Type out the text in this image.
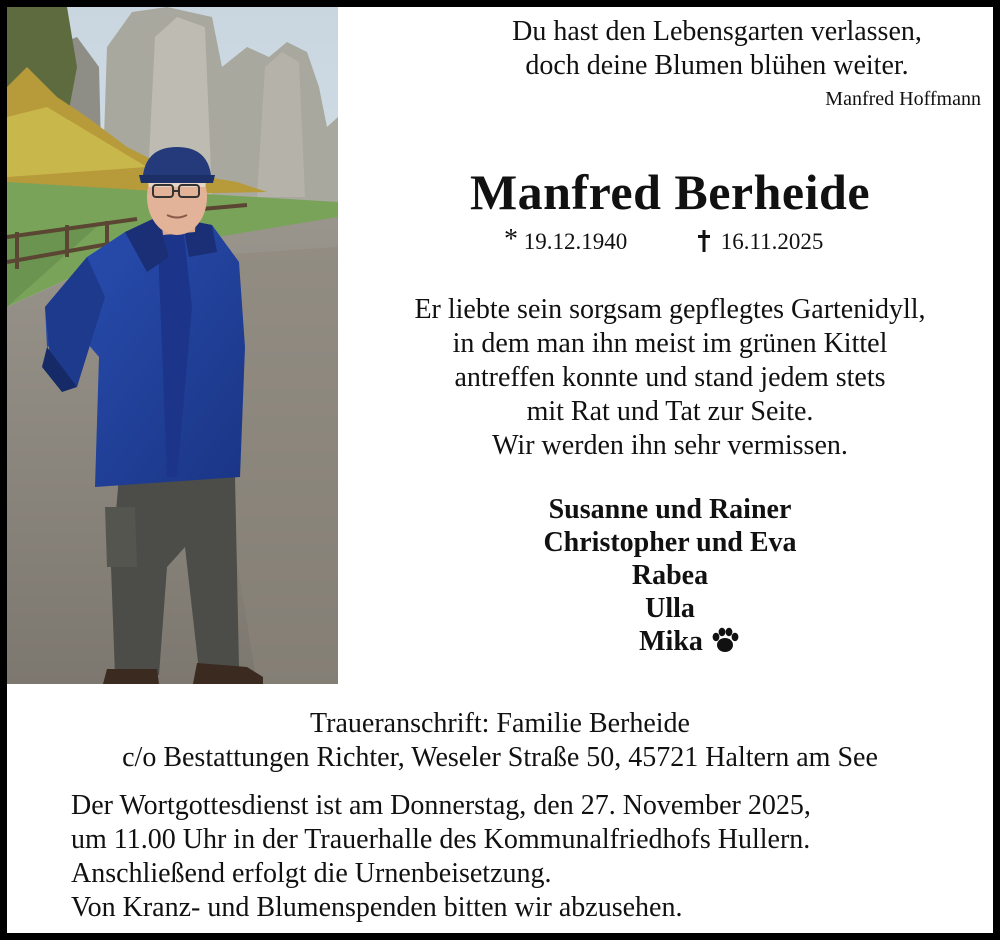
Du hast den Lebensgarten verlassen,
doch deine Blumen blühen weiter.
Manfred Hoffmann
Manfred Berheide
* 19.12.1940	16.11.2025
Er liebte sein sorgsam gepflegtes Gartenidyll,
in dem man ihn meist im grünen Kittel
antreffen konnte und stand jedem stets
mit Rat und Tat zur Seite.
Wir werden ihn sehr vermissen.
Susanne und Rainer
Christopher und Eva
Rabea
Ulla
Mika
Traueranschrift: Familie Berheide
c/o Bestattungen Richter, Weseler Straße 50, 45721 Haltern am See
Der Wortgottesdienst ist am Donnerstag, den 27. November 2025,
um 11.00 Uhr in der Trauerhalle des Kommunalfriedhofs Hullern.
Anschließend erfolgt die Urnenbeisetzung.
Von Kranz- und Blumenspenden bitten wir abzusehen.
